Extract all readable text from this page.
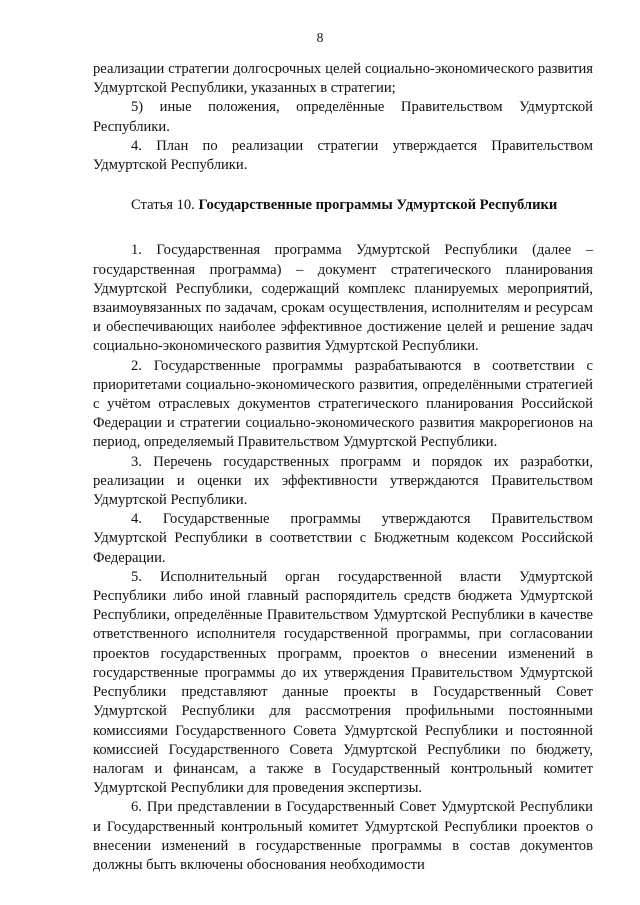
8

реализации стратегии долгосрочных целей социально-экономического развития Удмуртской Республики, указанных в стратегии;

5) иные положения, определённые Правительством Удмуртской Республики.

4. План по реализации стратегии утверждается Правительством Удмуртской Республики.

Статья 10. Государственные программы Удмуртской Республики

1. Государственная программа Удмуртской Республики (далее – государственная программа) – документ стратегического планирования Удмуртской Республики, содержащий комплекс планируемых мероприятий, взаимоувязанных по задачам, срокам осуществления, исполнителям и ресурсам и обеспечивающих наиболее эффективное достижение целей и решение задач социально-экономического развития Удмуртской Республики.

2. Государственные программы разрабатываются в соответствии с приоритетами социально-экономического развития, определёнными стратегией с учётом отраслевых документов стратегического планирования Российской Федерации и стратегии социально-экономического развития макрорегионов на период, определяемый Правительством Удмуртской Республики.

3. Перечень государственных программ и порядок их разработки, реализации и оценки их эффективности утверждаются Правительством Удмуртской Республики.

4. Государственные программы утверждаются Правительством Удмуртской Республики в соответствии с Бюджетным кодексом Российской Федерации.

5. Исполнительный орган государственной власти Удмуртской Республики либо иной главный распорядитель средств бюджета Удмуртской Республики, определённые Правительством Удмуртской Республики в качестве ответственного исполнителя государственной программы, при согласовании проектов государственных программ, проектов о внесении изменений в государственные программы до их утверждения Правительством Удмуртской Республики представляют данные проекты в Государственный Совет Удмуртской Республики для рассмотрения профильными постоянными комиссиями Государственного Совета Удмуртской Республики и постоянной комиссией Государственного Совета Удмуртской Республики по бюджету, налогам и финансам, а также в Государственный контрольный комитет Удмуртской Республики для проведения экспертизы.

6. При представлении в Государственный Совет Удмуртской Республики и Государственный контрольный комитет Удмуртской Республики проектов о внесении изменений в государственные программы в состав документов должны быть включены обоснования необходимости
